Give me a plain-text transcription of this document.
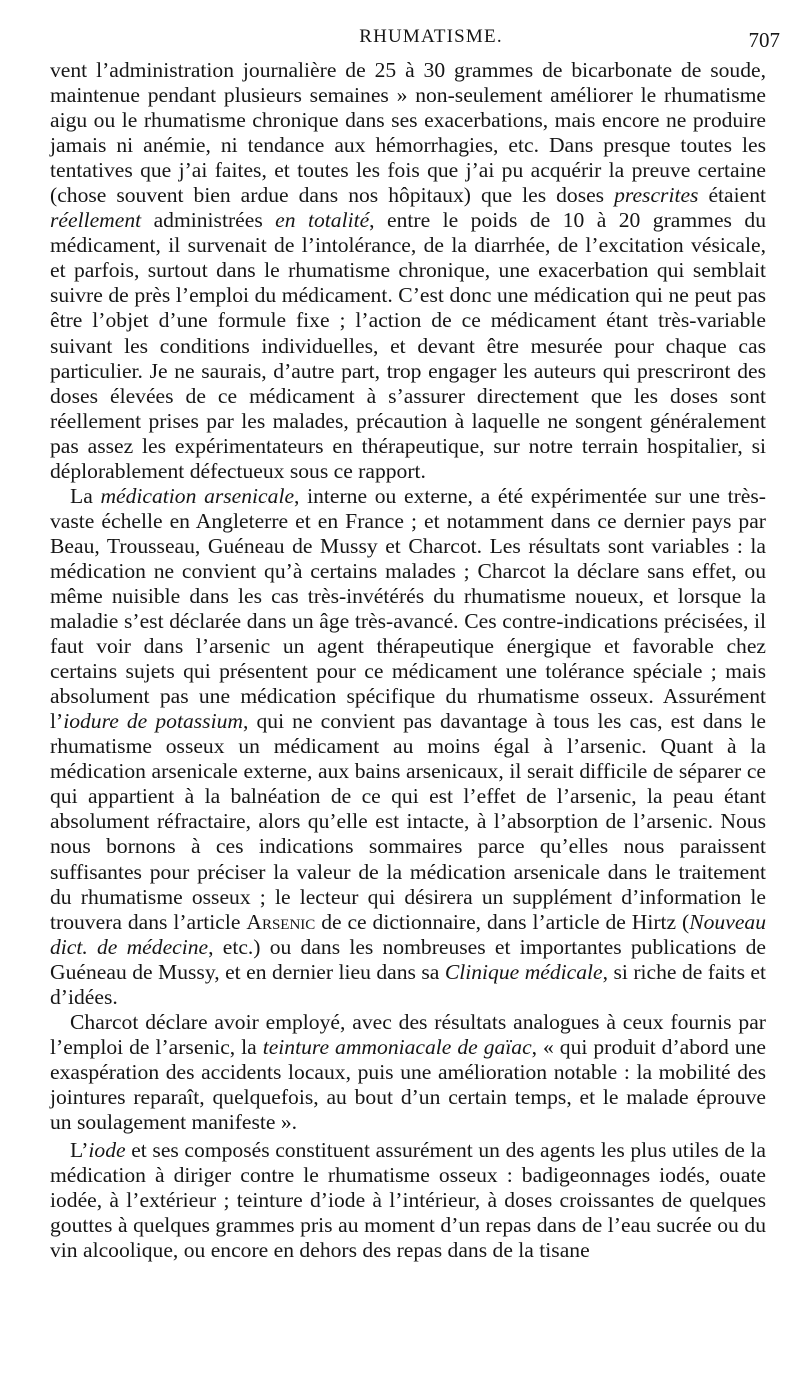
RHUMATISME.	707

vent l’administration journalière de 25 à 30 grammes de bicarbonate de soude, maintenue pendant plusieurs semaines » non-seulement améliorer le rhumatisme aigu ou le rhumatisme chronique dans ses exacerbations, mais encore ne produire jamais ni anémie, ni tendance aux hémorrhagies, etc. Dans presque toutes les tentatives que j’ai faites, et toutes les fois que j’ai pu acquérir la preuve certaine (chose souvent bien ardue dans nos hôpitaux) que les doses prescrites étaient réellement administrées en totalité, entre le poids de 10 à 20 grammes du médicament, il survenait de l’intolérance, de la diarrhée, de l’excitation vésicale, et parfois, surtout dans le rhumatisme chronique, une exacerbation qui semblait suivre de près l’emploi du médicament. C’est donc une médication qui ne peut pas être l’objet d’une formule fixe ; l’action de ce médicament étant très-variable suivant les conditions individuelles, et devant être mesurée pour chaque cas particulier. Je ne saurais, d’autre part, trop engager les auteurs qui prescriront des doses élevées de ce médicament à s’assurer directement que les doses sont réellement prises par les malades, précaution à laquelle ne songent généralement pas assez les expérimentateurs en thérapeutique, sur notre terrain hospitalier, si déplorablement défectueux sous ce rapport.

La médication arsenicale, interne ou externe, a été expérimentée sur une très-vaste échelle en Angleterre et en France ; et notamment dans ce dernier pays par Beau, Trousseau, Guéneau de Mussy et Charcot. Les résultats sont variables : la médication ne convient qu’à certains malades ; Charcot la déclare sans effet, ou même nuisible dans les cas très-invétérés du rhumatisme noueux, et lorsque la maladie s’est déclarée dans un âge très-avancé. Ces contre-indications précisées, il faut voir dans l’arsenic un agent thérapeutique énergique et favorable chez certains sujets qui présentent pour ce médicament une tolérance spéciale ; mais absolument pas une médication spécifique du rhumatisme osseux. Assurément l’iodure de potassium, qui ne convient pas davantage à tous les cas, est dans le rhumatisme osseux un médicament au moins égal à l’arsenic. Quant à la médication arsenicale externe, aux bains arsenicaux, il serait difficile de séparer ce qui appartient à la balnéation de ce qui est l’effet de l’arsenic, la peau étant absolument réfractaire, alors qu’elle est intacte, à l’absorption de l’arsenic. Nous nous bornons à ces indications sommaires parce qu’elles nous paraissent suffisantes pour préciser la valeur de la médication arsenicale dans le traitement du rhumatisme osseux ; le lecteur qui désirera un supplément d’information le trouvera dans l’article Arsenic de ce dictionnaire, dans l’article de Hirtz (Nouveau dict. de médecine, etc.) ou dans les nombreuses et importantes publications de Guéneau de Mussy, et en dernier lieu dans sa Clinique médicale, si riche de faits et d’idées.

Charcot déclare avoir employé, avec des résultats analogues à ceux fournis par l’emploi de l’arsenic, la teinture ammoniacale de gaïac, « qui produit d’abord une exaspération des accidents locaux, puis une amélioration notable : la mobilité des jointures reparaît, quelquefois, au bout d’un certain temps, et le malade éprouve un soulagement manifeste ».

L’iode et ses composés constituent assurément un des agents les plus utiles de la médication à diriger contre le rhumatisme osseux : badigeonnages iodés, ouate iodée, à l’extérieur ; teinture d’iode à l’intérieur, à doses croissantes de quelques gouttes à quelques grammes pris au moment d’un repas dans de l’eau sucrée ou du vin alcoolique, ou encore en dehors des repas dans de la tisane
